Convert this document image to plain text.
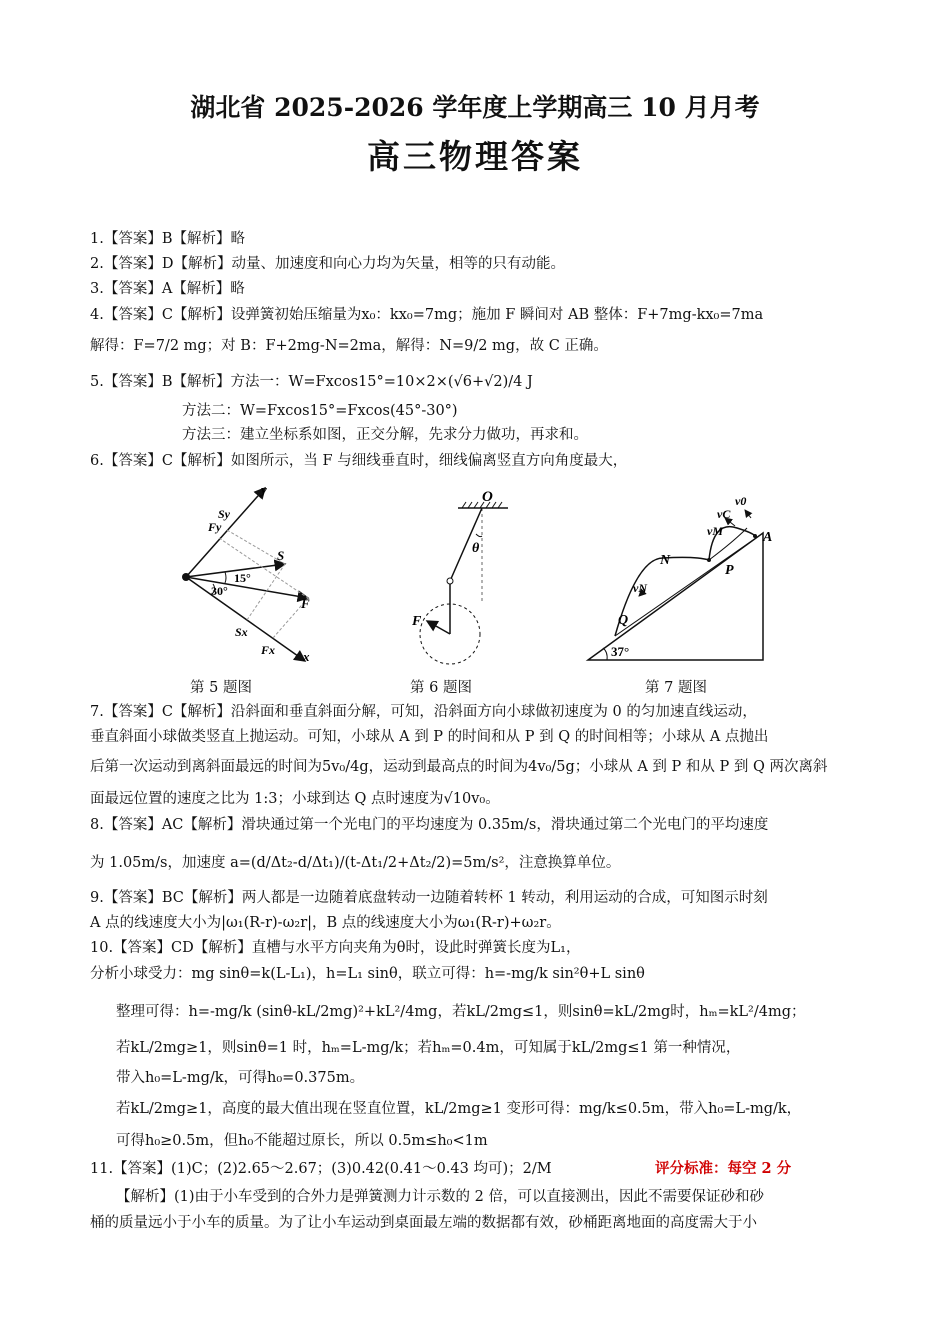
湖北省 2025-2026 学年度上学期高三 10 月月考
高三物理答案
1.【答案】B【解析】略
2.【答案】D【解析】动量、加速度和向心力均为矢量，相等的只有动能。
3.【答案】A【解析】略
4.【答案】C【解析】设弹簧初始压缩量为x₀：kx₀=7mg；施加 F 瞬间对 AB 整体：F+7mg-kx₀=7ma
解得：F=7/2 mg；对 B：F+2mg-N=2ma，解得：N=9/2 mg，故 C 正确。
5.【答案】B【解析】方法一：W=Fxcos15°=10×2×(√6+√2)/4 J
方法二：W=Fxcos15°=Fxcos(45°-30°)
方法三：建立坐标系如图，正交分解，先求分力做功，再求和。
6.【答案】C【解析】如图所示，当 F 与细线垂直时，细线偏离竖直方向角度最大，
y
x
S
F
Sy
Fy
Sx
Fx
15°
30°
O
θ
F
v0
vC
vM
N
vN
A
P
Q
37°
第 5 题图	第 6 题图	第 7 题图
7.【答案】C【解析】沿斜面和垂直斜面分解，可知，沿斜面方向小球做初速度为 0 的匀加速直线运动，
垂直斜面小球做类竖直上抛运动。可知，小球从 A 到 P 的时间和从 P 到 Q 的时间相等；小球从 A 点抛出
后第一次运动到离斜面最远的时间为5v₀/4g，运动到最高点的时间为4v₀/5g；小球从 A 到 P 和从 P 到 Q 两次离斜
面最远位置的速度之比为 1:3；小球到达 Q 点时速度为√10v₀。
8.【答案】AC【解析】滑块通过第一个光电门的平均速度为 0.35m/s，滑块通过第二个光电门的平均速度
为 1.05m/s，加速度 a=(d/Δt₂-d/Δt₁)/(t-Δt₁/2+Δt₂/2)=5m/s²，注意换算单位。
9.【答案】BC【解析】两人都是一边随着底盘转动一边随着转杯 1 转动，利用运动的合成，可知图示时刻
A 点的线速度大小为|ω₁(R-r)-ω₂r|，B 点的线速度大小为ω₁(R-r)+ω₂r。
10.【答案】CD【解析】直槽与水平方向夹角为θ时，设此时弹簧长度为L₁，
分析小球受力：mg sinθ=k(L-L₁)，h=L₁ sinθ，联立可得：h=-mg/k sin²θ+L sinθ
整理可得：h=-mg/k (sinθ-kL/2mg)²+kL²/4mg，若kL/2mg≤1，则sinθ=kL/2mg时，hₘ=kL²/4mg；
若kL/2mg≥1，则sinθ=1 时，hₘ=L-mg/k；若hₘ=0.4m，可知属于kL/2mg≤1 第一种情况，
带入h₀=L-mg/k，可得h₀=0.375m。
若kL/2mg≥1，高度的最大值出现在竖直位置，kL/2mg≥1 变形可得：mg/k≤0.5m，带入h₀=L-mg/k，
可得h₀≥0.5m，但h₀不能超过原长，所以 0.5m≤h₀<1m
11.【答案】(1)C；(2)2.65～2.67；(3)0.42(0.41～0.43 均可)；2/M	评分标准：每空 2 分
【解析】(1)由于小车受到的合外力是弹簧测力计示数的 2 倍，可以直接测出，因此不需要保证砂和砂
桶的质量远小于小车的质量。为了让小车运动到桌面最左端的数据都有效，砂桶距离地面的高度需大于小
